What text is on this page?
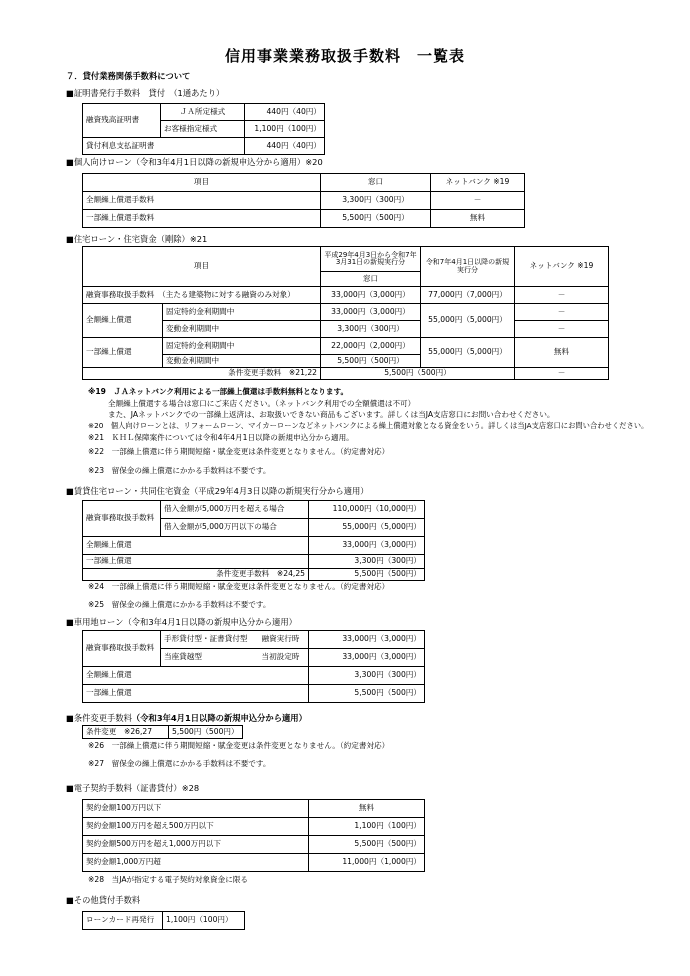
信用事業業務取扱手数料　一覧表
７．貸付業務関係手数料について
■証明書発行手数料　貸付　（1通あたり）
融資残高証明書	ＪＡ所定様式	440円（40円）
	お客様指定様式	1,100円（100円）
貸付利息支払証明書		440円（40円）
■個人向けローン（令和3年4月1日以降の新規申込分から適用）※20
項目	窓口	ネットバンク ※19
全額繰上償還手数料	3,300円（300円）	－
一部繰上償還手数料	5,500円（500円）	無料
■住宅ローン・住宅資金（剛除）※21
項目		平成29年4月3日から令和7年3月31日の新規実行分	令和7年4月1日以降の新規実行分	ネットバンク ※19
		窓口		
融資事務取扱手数料　（主たる建築物に対する融資のみ対象）		33,000円（3,000円）	77,000円（7,000円）	－
全額繰上償還	固定特約金利期間中	33,000円（3,000円）	55,000円（5,000円）	－
	変動金利期間中	3,300円（300円）		－
一部繰上償還	固定特約金利期間中	22,000円（2,000円）	55,000円（5,000円）	無料
	変動金利期間中	5,500円（500円）		
条件変更手数料　※21,22		5,500円（500円）		－
※19　ＪＡネットバンク利用による一部繰上償還は手数料無料となります。
全額繰上償還する場合は窓口にご来店ください。（ネットバンク利用での全額償還は不可）
また、JAネットバンクでの一部繰上返済は、お取扱いできない商品もございます。詳しくは当JA支店窓口にお問い合わせください。
※20　個人向けローンとは、リフォームローン、マイカーローンなどネットバンクによる繰上償還対象となる資金をいう。詳しくは当JA支店窓口にお問い合わせください。
※21　ＫＨＬ保障案件については令和4年4月1日以降の新規申込分から適用。
※22　一部繰上償還に伴う期間短縮・賦金変更は条件変更となりません。（約定書対応）
※23　留保金の繰上償還にかかる手数料は不要です。
■賃貸住宅ローン・共同住宅資金（平成29年4月3日以降の新規実行分から適用）
融資事務取扱手数料	借入金額が5,000万円を超える場合	110,000円（10,000円）
	借入金額が5,000万円以下の場合	55,000円（5,000円）
全額繰上償還		33,000円（3,000円）
一部繰上償還		3,300円（300円）
条件変更手数料　※24,25		5,500円（500円）
※24　一部繰上償還に伴う期間短縮・賦金変更は条件変更となりません。（約定書対応）
※25　留保金の繰上償還にかかる手数料は不要です。
■車用地ローン（令和3年4月1日以降の新規申込分から適用）
融資事務取扱手数料	手形貸付型・証書貸付型	融資実行時	33,000円（3,000円）
	当座貸越型	当初設定時	33,000円（3,000円）
全額繰上償還			3,300円（300円）
一部繰上償還			5,500円（500円）
■条件変更手数料（令和3年4月1日以降の新規申込分から適用）
条件変更　※26,27	5,500円（500円）
※26　一部繰上償還に伴う期間短縮・賦金変更は条件変更となりません。（約定書対応）
※27　留保金の繰上償還にかかる手数料は不要です。
■電子契約手数料（証書貸付）※28
契約金額100万円以下	無料
契約金額100万円を超え500万円以下	1,100円（100円）
契約金額500万円を超え1,000万円以下	5,500円（500円）
契約金額1,000万円超	11,000円（1,000円）
※28　当JAが指定する電子契約対象資金に限る
■その他貸付手数料
ローンカード再発行	1,100円（100円）
